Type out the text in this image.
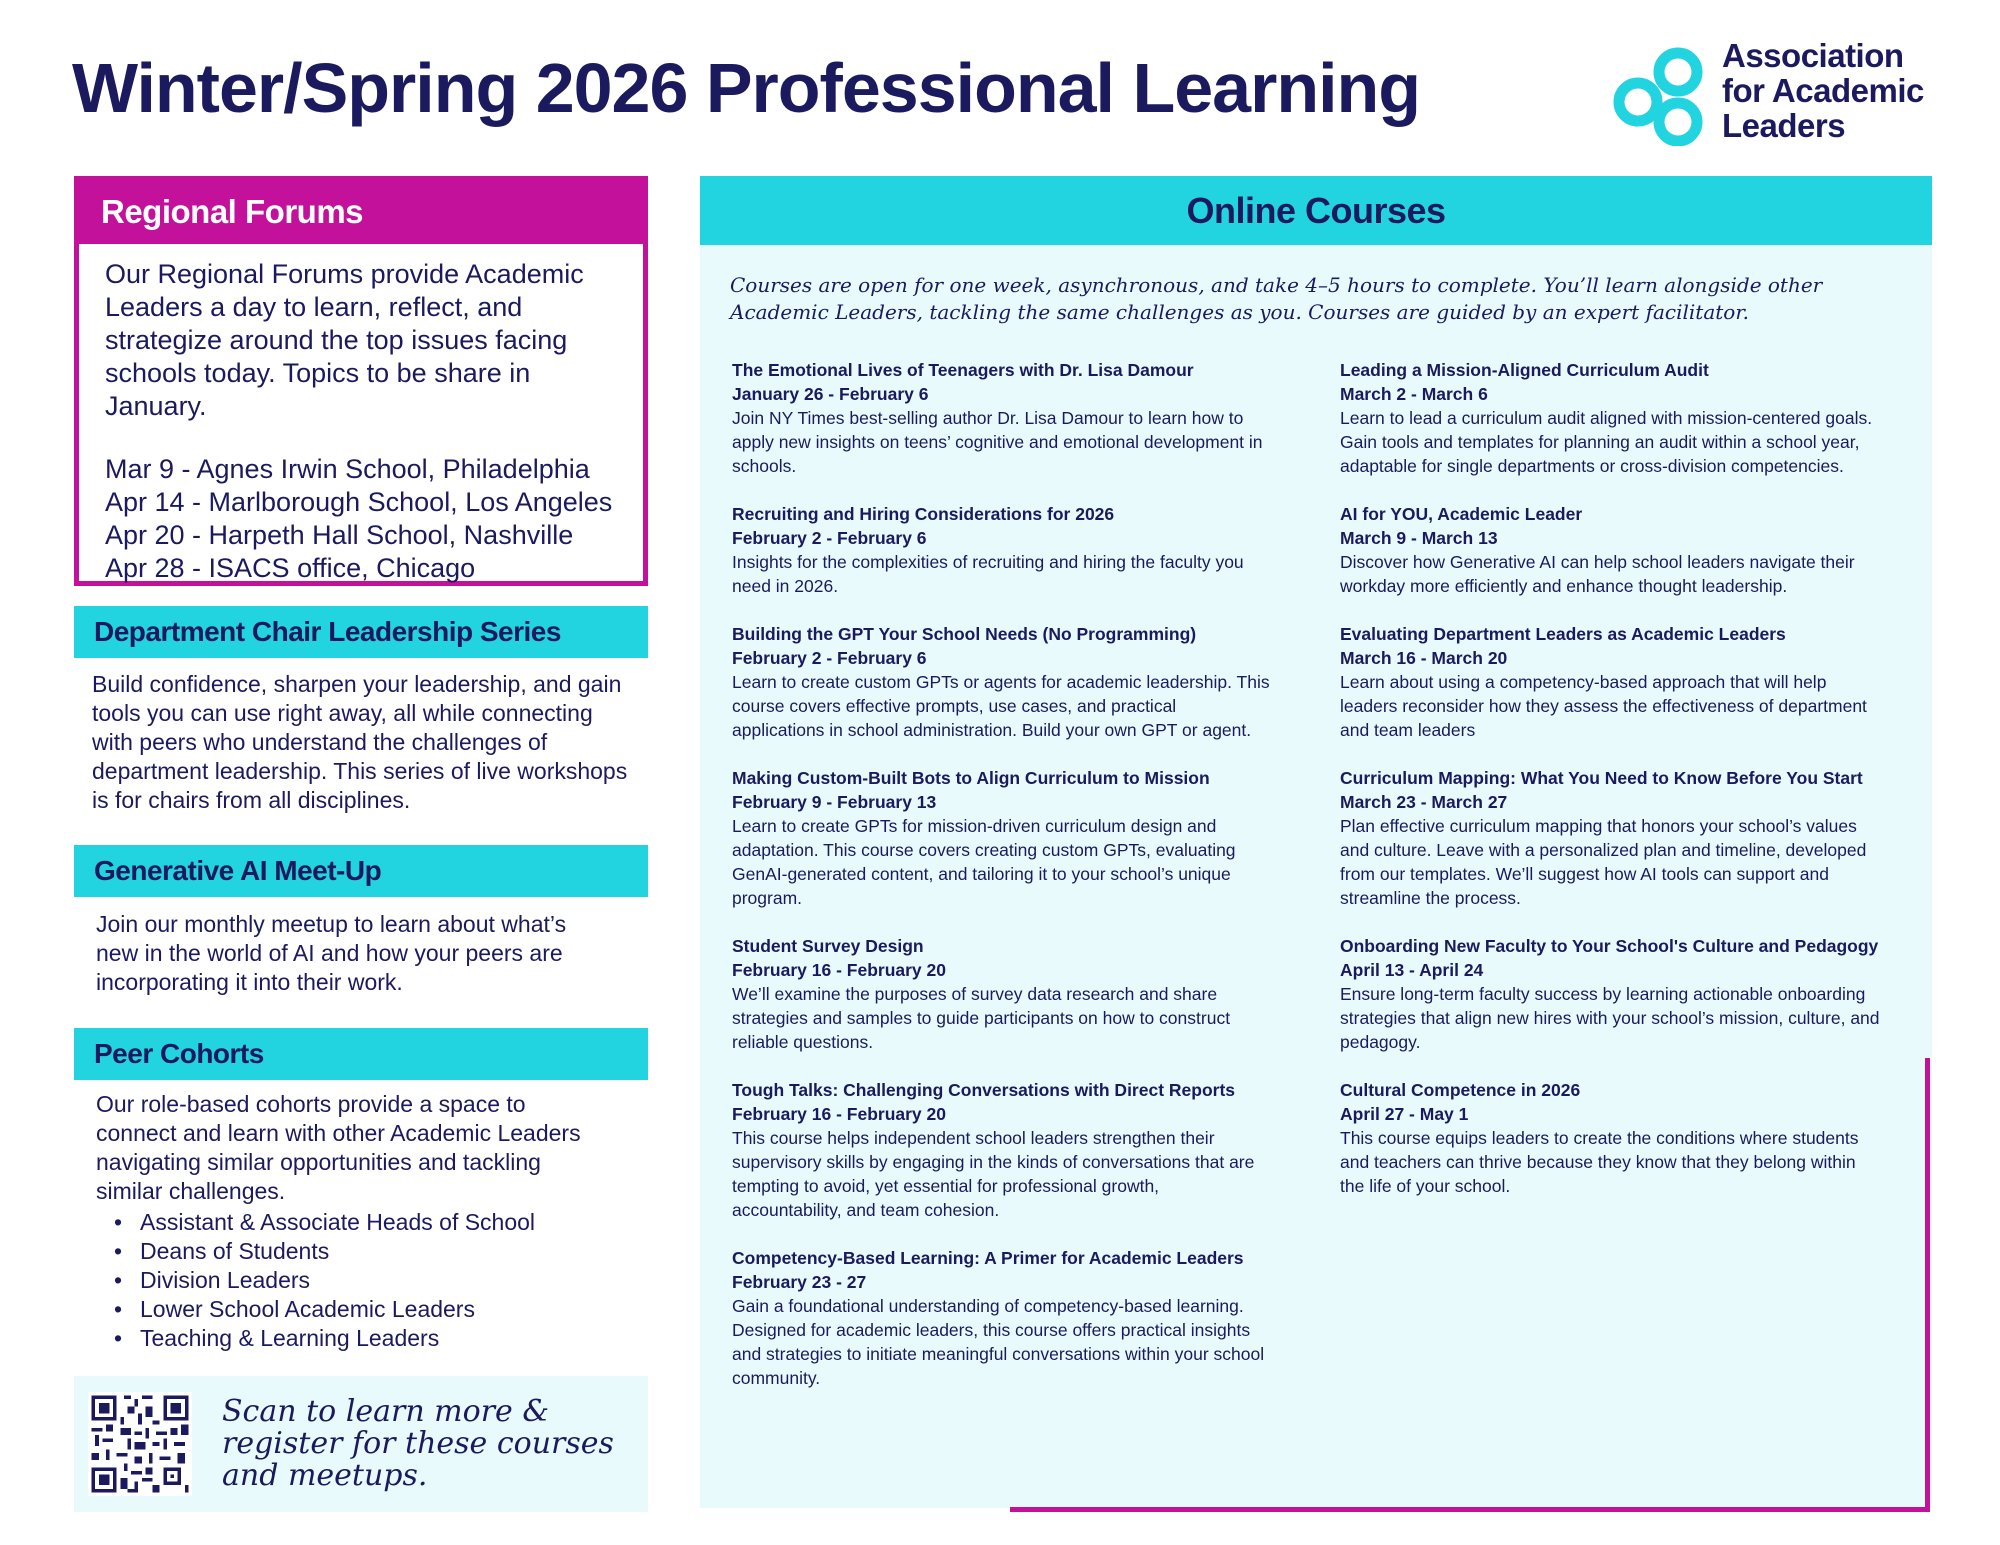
Winter/Spring 2026 Professional Learning	Association
for Academic
Leaders
Regional Forums
Our Regional Forums provide Academic Leaders a day to learn, reflect, and strategize around the top issues facing schools today. Topics to be share in January.
Mar 9 - Agnes Irwin School, Philadelphia
Apr 14 - Marlborough School, Los Angeles
Apr 20 - Harpeth Hall School, Nashville
Apr 28 - ISACS office, Chicago
Department Chair Leadership Series
Build confidence, sharpen your leadership, and gain tools you can use right away, all while connecting with peers who understand the challenges of department leadership. This series of live workshops is for chairs from all disciplines.
Generative AI Meet-Up
Join our monthly meetup to learn about what’s new in the world of AI and how your peers are incorporating it into their work.
Peer Cohorts
Our role-based cohorts provide a space to connect and learn with other Academic Leaders navigating similar opportunities and tackling similar challenges.
• Assistant & Associate Heads of School
• Deans of Students
• Division Leaders
• Lower School Academic Leaders
• Teaching & Learning Leaders
Scan to learn more & register for these courses and meetups.
Online Courses
Courses are open for one week, asynchronous, and take 4–5 hours to complete. You’ll learn alongside other Academic Leaders, tackling the same challenges as you. Courses are guided by an expert facilitator.
The Emotional Lives of Teenagers with Dr. Lisa Damour
January 26 - February 6
Join NY Times best-selling author Dr. Lisa Damour to learn how to apply new insights on teens’ cognitive and emotional development in schools.
Recruiting and Hiring Considerations for 2026
February 2 - February 6
Insights for the complexities of recruiting and hiring the faculty you need in 2026.
Building the GPT Your School Needs (No Programming)
February 2 - February 6
Learn to create custom GPTs or agents for academic leadership. This course covers effective prompts, use cases, and practical applications in school administration. Build your own GPT or agent.
Making Custom-Built Bots to Align Curriculum to Mission
February 9 - February 13
Learn to create GPTs for mission-driven curriculum design and adaptation. This course covers creating custom GPTs, evaluating GenAI-generated content, and tailoring it to your school’s unique program.
Student Survey Design
February 16 - February 20
We’ll examine the purposes of survey data research and share strategies and samples to guide participants on how to construct reliable questions.
Tough Talks: Challenging Conversations with Direct Reports
February 16 - February 20
This course helps independent school leaders strengthen their supervisory skills by engaging in the kinds of conversations that are tempting to avoid, yet essential for professional growth, accountability, and team cohesion.
Competency-Based Learning: A Primer for Academic Leaders
February 23 - 27
Gain a foundational understanding of competency-based learning. Designed for academic leaders, this course offers practical insights and strategies to initiate meaningful conversations within your school community.
Leading a Mission-Aligned Curriculum Audit
March 2 - March 6
Learn to lead a curriculum audit aligned with mission-centered goals. Gain tools and templates for planning an audit within a school year, adaptable for single departments or cross-division competencies.
AI for YOU, Academic Leader
March 9 - March 13
Discover how Generative AI can help school leaders navigate their workday more efficiently and enhance thought leadership.
Evaluating Department Leaders as Academic Leaders
March 16 - March 20
Learn about using a competency-based approach that will help leaders reconsider how they assess the effectiveness of department and team leaders
Curriculum Mapping: What You Need to Know Before You Start
March 23 - March 27
Plan effective curriculum mapping that honors your school’s values and culture. Leave with a personalized plan and timeline, developed from our templates. We’ll suggest how AI tools can support and streamline the process.
Onboarding New Faculty to Your School's Culture and Pedagogy
April 13 - April 24
Ensure long-term faculty success by learning actionable onboarding strategies that align new hires with your school’s mission, culture, and pedagogy.
Cultural Competence in 2026
April 27 - May 1
This course equips leaders to create the conditions where students and teachers can thrive because they know that they belong within the life of your school.
